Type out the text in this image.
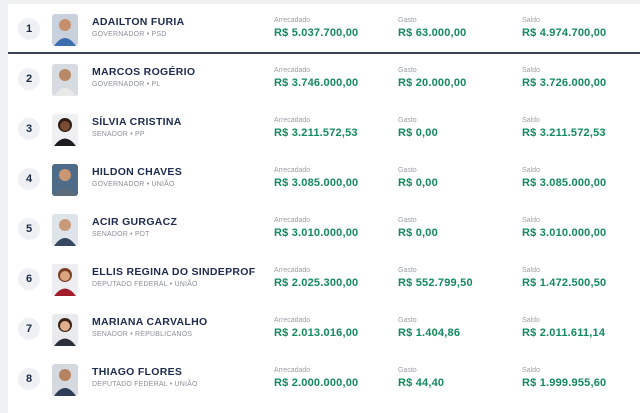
1
ADAILTON FURIA
GOVERNADOR • PSD
Arrecadado
R$ 5.037.700,00
Gasto
R$ 63.000,00
Saldo
R$ 4.974.700,00
2
MARCOS ROGÉRIO
GOVERNADOR • PL
Arrecadado
R$ 3.746.000,00
Gasto
R$ 20.000,00
Saldo
R$ 3.726.000,00
3
SÍLVIA CRISTINA
SENADOR • PP
Arrecadado
R$ 3.211.572,53
Gasto
R$ 0,00
Saldo
R$ 3.211.572,53
4
HILDON CHAVES
GOVERNADOR • UNIÃO
Arrecadado
R$ 3.085.000,00
Gasto
R$ 0,00
Saldo
R$ 3.085.000,00
5
ACIR GURGACZ
SENADOR • PDT
Arrecadado
R$ 3.010.000,00
Gasto
R$ 0,00
Saldo
R$ 3.010.000,00
6
ELLIS REGINA DO SINDEPROF
DEPUTADO FEDERAL • UNIÃO
Arrecadado
R$ 2.025.300,00
Gasto
R$ 552.799,50
Saldo
R$ 1.472.500,50
7
MARIANA CARVALHO
SENADOR • REPUBLICANOS
Arrecadado
R$ 2.013.016,00
Gasto
R$ 1.404,86
Saldo
R$ 2.011.611,14
8
THIAGO FLORES
DEPUTADO FEDERAL • UNIÃO
Arrecadado
R$ 2.000.000,00
Gasto
R$ 44,40
Saldo
R$ 1.999.955,60
